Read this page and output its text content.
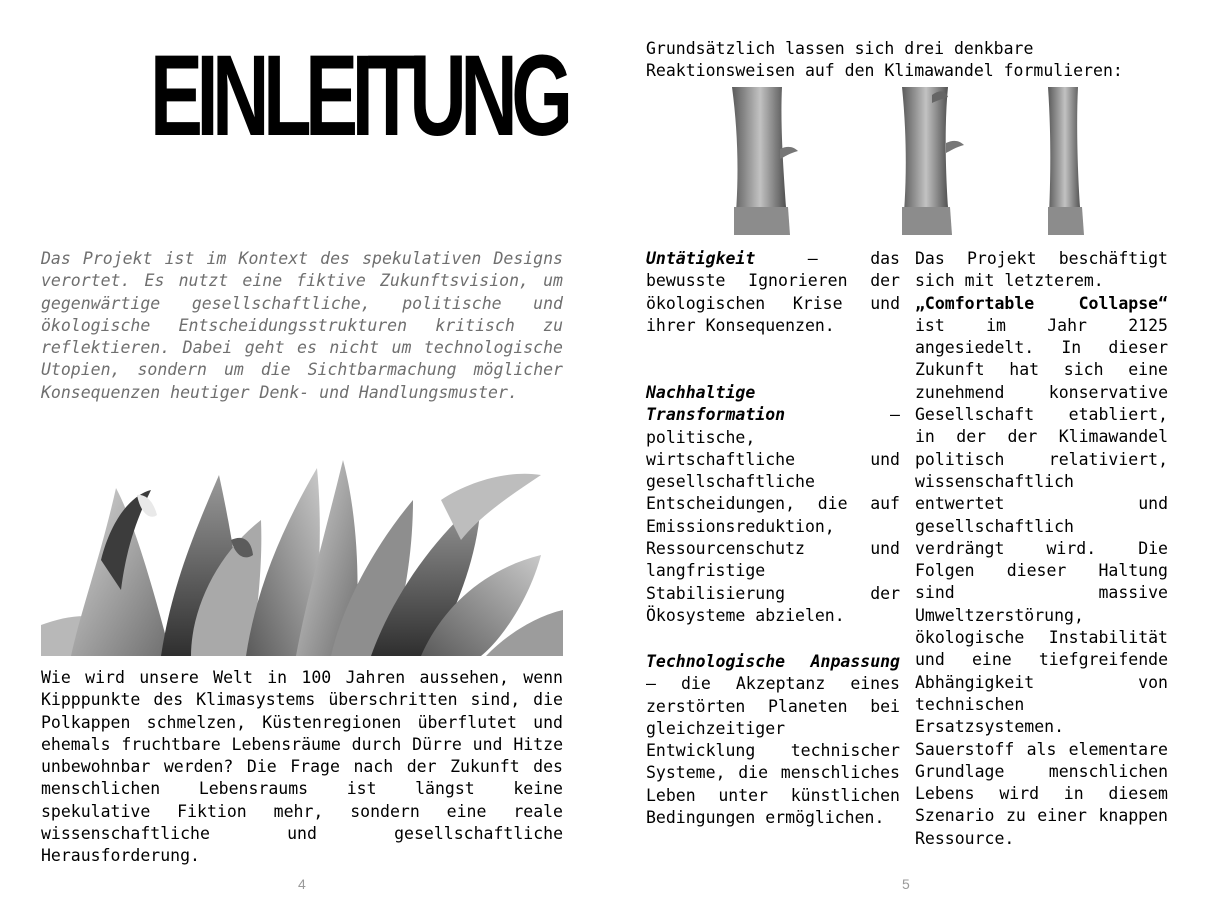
EINLEITUNG

Das Projekt ist im Kontext des spekulativen Designs verortet. Es nutzt eine fiktive Zukunftsvision, um gegenwärtige gesellschaftliche, politische und ökologische Entscheidungsstrukturen kritisch zu reflektieren. Dabei geht es nicht um technologische Utopien, sondern um die Sichtbarmachung möglicher Konsequenzen heutiger Denk- und Handlungsmuster.

Wie wird unsere Welt in 100 Jahren aussehen, wenn Kipppunkte des Klimasystems überschritten sind, die Polkappen schmelzen, Küstenregionen überflutet und ehemals fruchtbare Lebensräume durch Dürre und Hitze unbewohnbar werden? Die Frage nach der Zukunft des menschlichen Lebensraums ist längst keine spekulative Fiktion mehr, sondern eine reale wissenschaftliche und gesellschaftliche Herausforderung.

4

Grundsätzlich lassen sich drei denkbare Reaktionsweisen auf den Klimawandel formulieren:

Untätigkeit – das bewusste Ignorieren der ökologischen Krise und ihrer Konsequenzen.

Nachhaltige Transformation – politische, wirtschaftliche und gesellschaftliche Entscheidungen, die auf Emissionsreduktion, Ressourcenschutz und langfristige Stabilisierung der Ökosysteme abzielen.

Technologische Anpassung – die Akzeptanz eines zerstörten Planeten bei gleichzeitiger Entwicklung technischer Systeme, die menschliches Leben unter künstlichen Bedingungen ermöglichen.

Das Projekt beschäftigt sich mit letzterem.

„Comfortable Collapse“ ist im Jahr 2125 angesiedelt. In dieser Zukunft hat sich eine zunehmend konservative Gesellschaft etabliert, in der der Klimawandel politisch relativiert, wissenschaftlich entwertet und gesellschaftlich verdrängt wird. Die Folgen dieser Haltung sind massive Umweltzerstörung, ökologische Instabilität und eine tiefgreifende Abhängigkeit von technischen Ersatzsystemen.

Sauerstoff als elementare Grundlage menschlichen Lebens wird in diesem Szenario zu einer knappen Ressource.

5
